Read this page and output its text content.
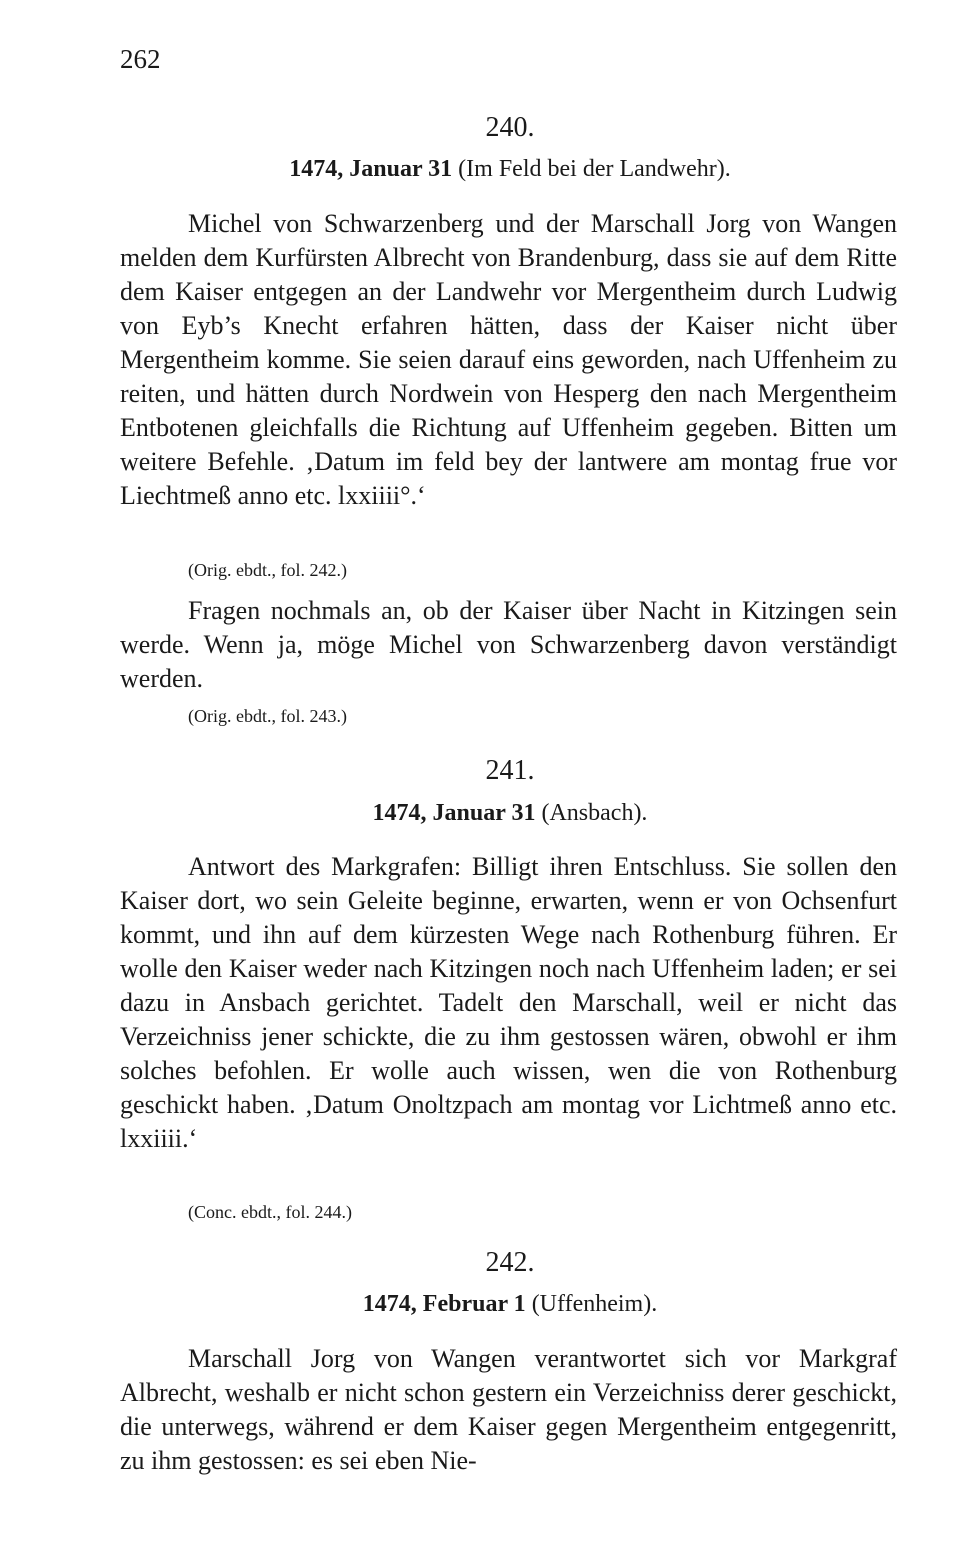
262
240.
1474, Januar 31 (Im Feld bei der Landwehr).

Michel von Schwarzenberg und der Marschall Jorg von Wangen melden dem Kurfürsten Albrecht von Brandenburg, dass sie auf dem Ritte dem Kaiser entgegen an der Landwehr vor Mergentheim durch Ludwig von Eyb’s Knecht erfahren hätten, dass der Kaiser nicht über Mergentheim komme. Sie seien darauf eins geworden, nach Uffenheim zu reiten, und hätten durch Nordwein von Hesperg den nach Mergentheim Entbotenen gleichfalls die Richtung auf Uffenheim gegeben. Bitten um weitere Befehle. ‚Datum im feld bey der lantwere am montag frue vor Liechtmeß anno etc. lxxiiii°.‘

(Orig. ebdt., fol. 242.)

Fragen nochmals an, ob der Kaiser über Nacht in Kitzingen sein werde. Wenn ja, möge Michel von Schwarzenberg davon verständigt werden.

(Orig. ebdt., fol. 243.)
241.
1474, Januar 31 (Ansbach).

Antwort des Markgrafen: Billigt ihren Entschluss. Sie sollen den Kaiser dort, wo sein Geleite beginne, erwarten, wenn er von Ochsenfurt kommt, und ihn auf dem kürzesten Wege nach Rothenburg führen. Er wolle den Kaiser weder nach Kitzingen noch nach Uffenheim laden; er sei dazu in Ansbach gerichtet. Tadelt den Marschall, weil er nicht das Verzeichniss jener schickte, die zu ihm gestossen wären, obwohl er ihm solches befohlen. Er wolle auch wissen, wen die von Rothenburg geschickt haben. ‚Datum Onoltzpach am montag vor Lichtmeß anno etc. lxxiiii.‘

(Conc. ebdt., fol. 244.)
242.
1474, Februar 1 (Uffenheim).

Marschall Jorg von Wangen verantwortet sich vor Markgraf Albrecht, weshalb er nicht schon gestern ein Verzeichniss derer geschickt, die unterwegs, während er dem Kaiser gegen Mergentheim entgegenritt, zu ihm gestossen: es sei eben Nie-
